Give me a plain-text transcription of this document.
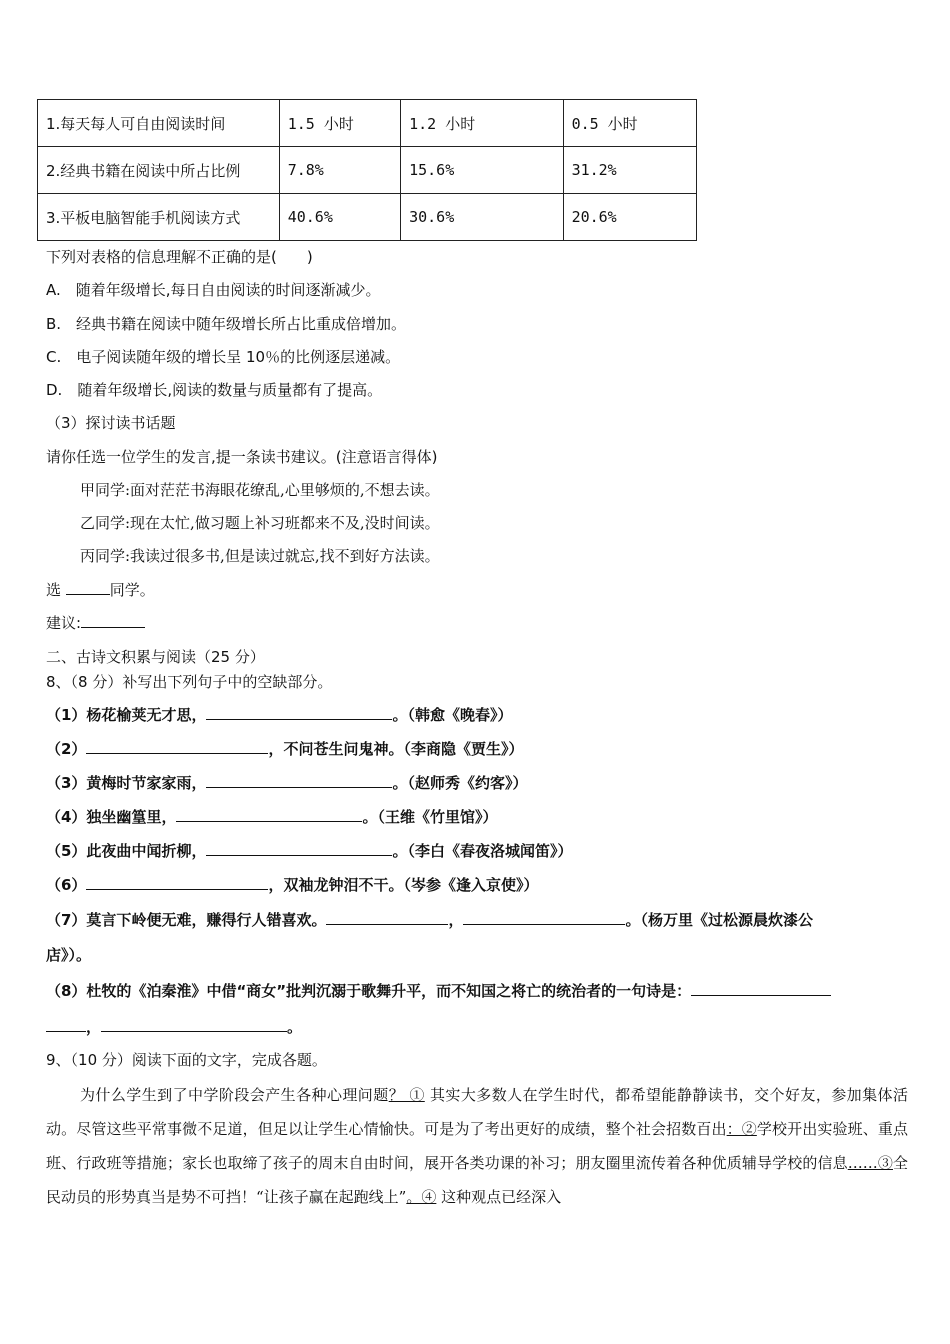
1.每天每人可自由阅读时间	1.5 小时	1.2 小时	0.5 小时
2.经典书籍在阅读中所占比例	7.8%	15.6%	31.2%
3.平板电脑智能手机阅读方式	40.6%	30.6%	20.6%
下列对表格的信息理解不正确的是(　　)
A.　随着年级增长,每日自由阅读的时间逐渐减少。
B.　经典书籍在阅读中随年级增长所占比重成倍增加。
C.　电子阅读随年级的增长呈 10％的比例逐层递减。
D.　随着年级增长,阅读的数量与质量都有了提高。
（3）探讨读书话题
请你任选一位学生的发言,提一条读书建议。(注意语言得体)
甲同学:面对茫茫书海眼花缭乱,心里够烦的,不想去读。
乙同学:现在太忙,做习题上补习班都来不及,没时间读。
丙同学:我读过很多书,但是读过就忘,找不到好方法读。
选	同学。
建议:
二、古诗文积累与阅读（25 分）
8、（8 分）补写出下列句子中的空缺部分。
（1）杨花榆荚无才思，	。（韩愈《晚春》）
（2）	，不问苍生问鬼神。（李商隐《贾生》）
（3）黄梅时节家家雨，	。（赵师秀《约客》）
（4）独坐幽篁里，	。（王维《竹里馆》）
（5）此夜曲中闻折柳，	。（李白《春夜洛城闻笛》）
（6）	，双袖龙钟泪不干。（岑参《逢入京使》）
（7）莫言下岭便无难，赚得行人错喜欢。	，	。（杨万里《过松源晨炊漆公
店》）。
（8）杜牧的《泊秦淮》中借“商女”批判沉溺于歌舞升平，而不知国之将亡的统治者的一句诗是：
，	。
9、（10 分）阅读下面的文字，完成各题。
为什么学生到了中学阶段会产生各种心理问题？ ① 其实大多数人在学生时代，都希望能静静读书，交个好友，参加集体活动。尽管这些平常事微不足道，但足以让学生心情愉快。可是为了考出更好的成绩，整个社会招数百出：②学校开出实验班、重点班、行政班等措施；家长也取缔了孩子的周末自由时间，展开各类功课的补习；朋友圈里流传着各种优质辅导学校的信息……③全民动员的形势真当是势不可挡！“让孩子赢在起跑线上”。④ 这种观点已经深入
